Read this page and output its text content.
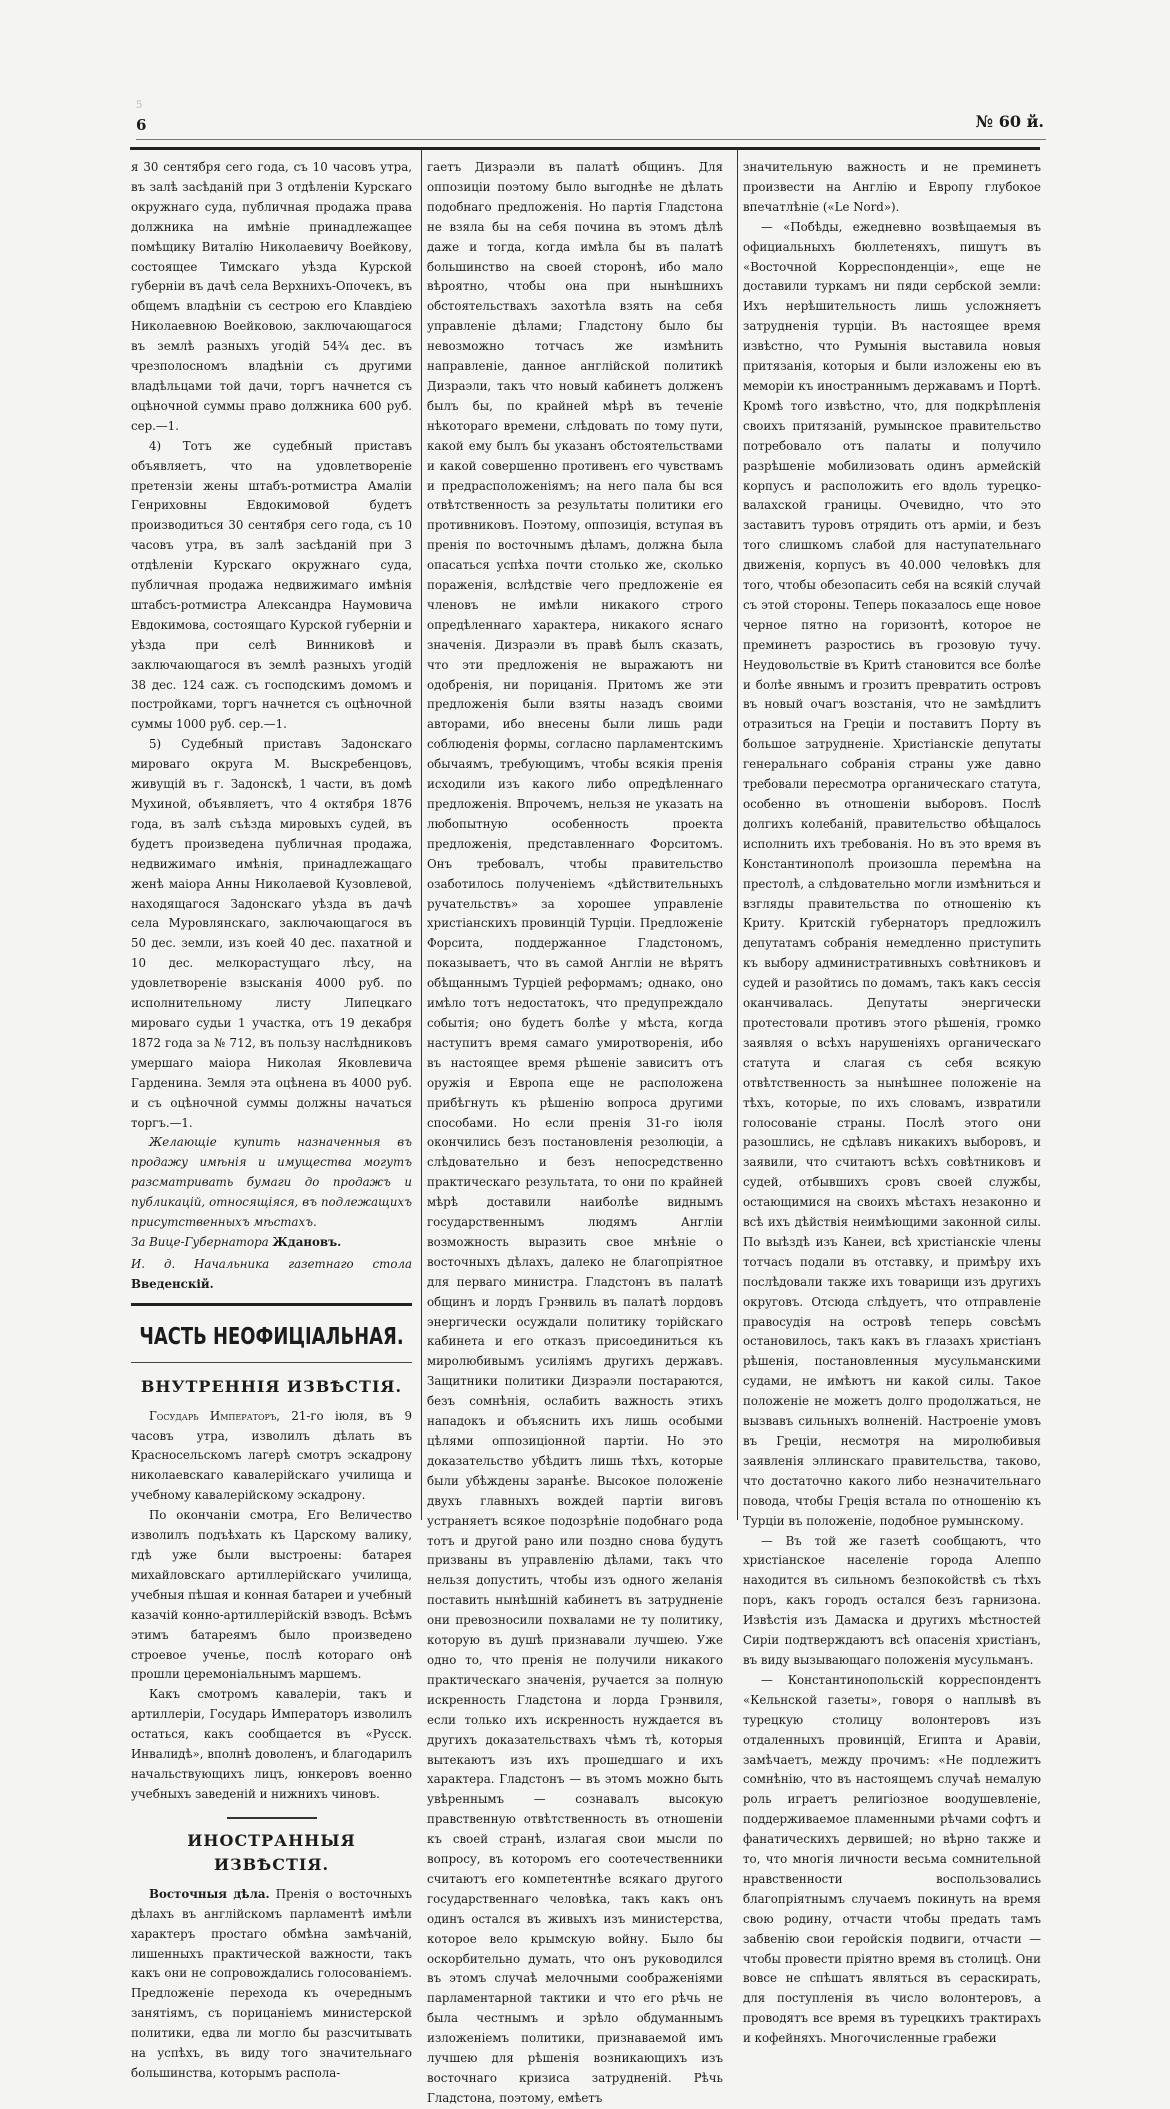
5
6	№ 60 й.

я 30 сентября сего года, съ 10 часовъ утра, въ залѣ засѣданій при 3 отдѣленіи Курскаго окружнаго суда, публичная продажа права должника на имѣніе принадлежащее помѣщику Виталію Николаевичу Воейкову, состоящее Тимскаго уѣзда Курской губерніи въ дачѣ села Верхнихъ-Опочекъ, въ общемъ владѣніи съ сестрою его Клавдіею Николаевною Воейковою, заключающагося въ землѣ разныхъ угодій 54¾ дес. въ чрезполосномъ владѣніи съ другими владѣльцами той дачи, торгъ начнется съ оцѣночной суммы право должника 600 руб. сер.—1.

4) Тотъ же судебный приставъ объявляетъ, что на удовлетвореніе претензіи жены штабъ-ротмистра Амаліи Генриховны Евдокимовой будетъ производиться 30 сентября сего года, съ 10 часовъ утра, въ залѣ засѣданій при 3 отдѣленіи Курскаго окружнаго суда, публичная продажа недвижимаго имѣнія штабсъ-ротмистра Александра Наумовича Евдокимова, состоящаго Курской губерніи и уѣзда при селѣ Винниковѣ и заключающагося въ землѣ разныхъ угодій 38 дес. 124 саж. съ господскимъ домомъ и постройками, торгъ начнется съ оцѣночной суммы 1000 руб. сер.—1.

5) Судебный приставъ Задонскаго мироваго округа М. Выскребенцовъ, живущій въ г. Задонскѣ, 1 части, въ домѣ Мухиной, объявляетъ, что 4 октября 1876 года, въ залѣ съѣзда мировыхъ судей, въ будетъ произведена публичная продажа, недвижимаго имѣнія, принадлежащаго женѣ маіора Анны Николаевой Кузовлевой, находящагося Задонскаго уѣзда въ дачѣ села Муровлянскаго, заключающагося въ 50 дес. земли, изъ коей 40 дес. пахатной и 10 дес. мелкорастущаго лѣсу, на удовлетвореніе взысканія 4000 руб. по исполнительному листу Липецкаго мироваго судьи 1 участка, отъ 19 декабря 1872 года за № 712, въ пользу наслѣдниковъ умершаго маіора Николая Яковлевича Гарденина. Земля эта оцѣнена въ 4000 руб. и съ оцѣночной суммы должны начаться торгъ.—1.

Желающіе купить назначенныя въ продажу имѣнія и имущества могутъ разсматривать бумаги до продажъ и публикацій, относящіяся, въ подлежащихъ присутственныхъ мѣстахъ.

За Вице-Губернатора Ждановъ.

И. д. Начальника газетнаго стола Введенскій.

ЧАСТЬ НЕОФИЦІАЛЬНАЯ.
ВНУТРЕННІЯ ИЗВѢСТІЯ.

Государь Императоръ, 21-го іюля, въ 9 часовъ утра, изволилъ дѣлать въ Красносельскомъ лагерѣ смотръ эскадрону николаевскаго кавалерійскаго училища и учебному кавалерійскому эскадрону.

По окончаніи смотра, Его Величество изволилъ подъѣхать къ Царскому валику, гдѣ уже были выстроены: батарея михайловскаго артиллерійскаго училища, учебныя пѣшая и конная батареи и учебный казачій конно-артиллерійскій взводъ. Всѣмъ этимъ батареямъ было произведено строевое ученье, послѣ котораго онѣ прошли церемоніальнымъ маршемъ.

Какъ смотромъ кавалеріи, такъ и артиллеріи, Государь Императоръ изволилъ остаться, какъ сообщается въ «Русск. Инвалидѣ», вполнѣ доволенъ, и благодарилъ начальствующихъ лицъ, юнкеровъ военно учебныхъ заведеній и нижнихъ чиновъ.

ИНОСТРАННЫЯ ИЗВѢСТІЯ.

Восточныя дѣла. Пренія о восточныхъ дѣлахъ въ англійскомъ парламентѣ имѣли характеръ простаго обмѣна замѣчаній, лишенныхъ практической важности, такъ какъ они не сопровождались голосованіемъ. Предложеніе перехода къ очереднымъ занятіямъ, съ порицаніемъ министерской политики, едва ли могло бы разсчитывать на успѣхъ, въ виду того значительнаго большинства, которымъ распола-

гаетъ Дизраэли въ палатѣ общинъ. Для оппозиціи поэтому было выгоднѣе не дѣлать подобнаго предложенія. Но партія Гладстона не взяла бы на себя почина въ этомъ дѣлѣ даже и тогда, когда имѣла бы въ палатѣ большинство на своей сторонѣ, ибо мало вѣроятно, чтобы она при нынѣшнихъ обстоятельствахъ захотѣла взять на себя управленіе дѣлами; Гладстону было бы невозможно тотчасъ же измѣнить направленіе, данное англійской политикѣ Дизраэли, такъ что новый кабинетъ долженъ былъ бы, по крайней мѣрѣ въ теченіе нѣкотораго времени, слѣдовать по тому пути, какой ему былъ бы указанъ обстоятельствами и какой совершенно противенъ его чувствамъ и предрасположеніямъ; на него пала бы вся отвѣтственность за результаты политики его противниковъ. Поэтому, оппозиція, вступая въ пренія по восточнымъ дѣламъ, должна была опасаться успѣха почти столько же, сколько пораженія, вслѣдствіе чего предложеніе ея членовъ не имѣли никакого строго опредѣленнаго характера, никакого яснаго значенія. Дизраэли въ правѣ былъ сказать, что эти предложенія не выражаютъ ни одобренія, ни порицанія. Притомъ же эти предложенія были взяты назадъ своими авторами, ибо внесены были лишь ради соблюденія формы, согласно парламентскимъ обычаямъ, требующимъ, чтобы всякія пренія исходили изъ какого либо опредѣленнаго предложенія. Впрочемъ, нельзя не указать на любопытную особенность проекта предложенія, представленнаго Форситомъ. Онъ требовалъ, чтобы правительство озаботилось полученіемъ «дѣйствительныхъ ручательствъ» за хорошее управленіе христіанскихъ провинцій Турціи. Предложеніе Форсита, поддержанное Гладстономъ, показываетъ, что въ самой Англіи не вѣрятъ обѣщаннымъ Турціей реформамъ; однако, оно имѣло тотъ недостатокъ, что предупреждало событія; оно будетъ болѣе у мѣста, когда наступитъ время самаго умиротворенія, ибо въ настоящее время рѣшеніе зависитъ отъ оружія и Европа еще не расположена прибѣгнуть къ рѣшенію вопроса другими способами. Но если пренія 31-го іюля окончились безъ постановленія резолюціи, а слѣдовательно и безъ непосредственно практическаго результата, то они по крайней мѣрѣ доставили наиболѣе виднымъ государственнымъ людямъ Англіи возможность выразить свое мнѣніе о восточныхъ дѣлахъ, далеко не благопріятное для перваго министра. Гладстонъ въ палатѣ общинъ и лордъ Грэнвиль въ палатѣ лордовъ энергически осуждали политику торійскаго кабинета и его отказъ присоединиться къ миролюбивымъ усиліямъ другихъ державъ. Защитники политики Дизраэли постараются, безъ сомнѣнія, ослабить важность этихъ нападокъ и объяснить ихъ лишь особыми цѣлями оппозиціонной партіи. Но это доказательство убѣдитъ лишь тѣхъ, которые были убѣждены заранѣе. Высокое положеніе двухъ главныхъ вождей партіи виговъ устраняетъ всякое подозрѣніе подобнаго рода тотъ и другой рано или поздно снова будутъ призваны въ управленію дѣлами, такъ что нельзя допустить, чтобы изъ одного желанія поставить нынѣшній кабинетъ въ затрудненіе они превозносили похвалами не ту политику, которую въ душѣ признавали лучшею. Уже одно то, что пренія не получили никакого практическаго значенія, ручается за полную искренность Гладстона и лорда Грэнвиля, если только ихъ искренность нуждается въ другихъ доказательствахъ чѣмъ тѣ, которыя вытекаютъ изъ ихъ прошедшаго и ихъ характера. Гладстонъ — въ этомъ можно быть увѣреннымъ — сознавалъ высокую правственную отвѣтственность въ отношеніи къ своей странѣ, излагая свои мысли по вопросу, въ которомъ его соотечественники считаютъ его компетентнѣе всякаго другого государственнаго человѣка, такъ какъ онъ одинъ остался въ живыхъ изъ министерства, которое вело крымскую войну. Было бы оскорбительно думать, что онъ руководился въ этомъ случаѣ мелочными соображеніями парламентарной тактики и что его рѣчь не была честнымъ и зрѣло обдуманнымъ изложеніемъ политики, признаваемой имъ лучшею для рѣшенія возникающихъ изъ восточнаго кризиса затрудненій. Рѣчь Гладстона, поэтому, емѣетъ

значительную важность и не преминетъ произвести на Англію и Европу глубокое впечатлѣніе («Le Nord»).

— «Побѣды, ежедневно возвѣщаемыя въ официальныхъ бюллетеняхъ, пишутъ въ «Восточной Корреспонденціи», еще не доставили туркамъ ни пяди сербской земли: Ихъ нерѣшительность лишь усложняетъ затрудненія турціи. Въ настоящее время извѣстно, что Румынія выставила новыя притязанія, которыя и были изложены ею въ меморіи къ иностраннымъ державамъ и Портѣ. Кромѣ того извѣстно, что, для подкрѣпленія своихъ притязаній, румынское правительство потребовало отъ палаты и получило разрѣшеніе мобилизовать одинъ армейскій корпусъ и расположить его вдоль турецко-валахской границы. Очевидно, что это заставитъ туровъ отрядить отъ арміи, и безъ того слишкомъ слабой для наступательнаго движенія, корпусъ въ 40.000 человѣкъ для того, чтобы обезопасить себя на всякій случай съ этой стороны. Теперь показалось еще новое черное пятно на горизонтѣ, которое не преминетъ разростись въ грозовую тучу. Неудовольствіе въ Критѣ становится все болѣе и болѣе явнымъ и грозитъ превратить островъ въ новый очагъ возстанія, что не замѣдлитъ отразиться на Греціи и поставитъ Порту въ большое затрудненіе. Христіанскіе депутаты генеральнаго собранія страны уже давно требовали пересмотра органическаго статута, особенно въ отношеніи выборовъ. Послѣ долгихъ колебаній, правительство обѣщалось исполнить ихъ требованія. Но въ это время въ Константинополѣ произошла перемѣна на престолѣ, а слѣдовательно могли измѣниться и взгляды правительства по отношенію къ Криту. Критскій губернаторъ предложилъ депутатамъ собранія немедленно приступить къ выбору административныхъ совѣтниковъ и судей и разойтись по домамъ, такъ какъ сессія оканчивалась. Депутаты энергически протестовали противъ этого рѣшенія, громко заявляя о всѣхъ нарушеніяхъ органическаго статута и слагая съ себя всякую отвѣтственность за нынѣшнее положеніе на тѣхъ, которые, по ихъ словамъ, извратили голосованіе страны. Послѣ этого они разошлись, не сдѣлавъ никакихъ выборовъ, и заявили, что считаютъ всѣхъ совѣтниковъ и судей, отбывшихъ сровъ своей службы, остающимися на своихъ мѣстахъ незаконно и всѣ ихъ дѣйствія неимѣющими законной силы. По выѣздѣ изъ Канеи, всѣ христіанскіе члены тотчасъ подали въ отставку, и примѣру ихъ послѣдовали также ихъ товарищи изъ другихъ округовъ. Отсюда слѣдуетъ, что отправленіе правосудія на островѣ теперь совсѣмъ остановилось, такъ какъ въ глазахъ христіанъ рѣшенія, постановленныя мусульманскими судами, не имѣютъ ни какой силы. Такое положеніе не можетъ долго продолжаться, не вызвавъ сильныхъ волненій. Настроеніе умовъ въ Греціи, несмотря на миролюбивыя заявленія эллинскаго правительства, таково, что достаточно какого либо незначительнаго повода, чтобы Греція встала по отношенію къ Турціи въ положеніе, подобное румынскому.

— Въ той же газетѣ сообщаютъ, что христіанское населеніе города Алеппо находится въ сильномъ безпокойствѣ съ тѣхъ поръ, какъ городъ остался безъ гарнизона. Извѣстія изъ Дамаска и другихъ мѣстностей Сиріи подтверждаютъ всѣ опасенія христіанъ, въ виду вызывающаго положенія мусульманъ.

— Константинопольскій корреспондентъ «Кельнской газеты», говоря о наплывѣ въ турецкую столицу волонтеровъ изъ отдаленныхъ провинцій, Египта и Аравіи, замѣчаетъ, между прочимъ: «Не подлежитъ сомнѣнію, что въ настоящемъ случаѣ немалую роль играетъ религіозное воодушевленіе, поддерживаемое пламенными рѣчами софтъ и фанатическихъ дервишей; но вѣрно также и то, что многія личности весьма сомнительной нравственности воспользовались благопріятнымъ случаемъ покинуть на время свою родину, отчасти чтобы предать тамъ забвенію свои геройскія подвиги, отчасти — чтобы провести пріятно время въ столицѣ. Они вовсе не спѣшатъ являться въ сераскирать, для поступленія въ число волонтеровъ, а проводятъ все время въ турецкихъ трактирахъ и кофейняхъ. Многочисленные грабежи
